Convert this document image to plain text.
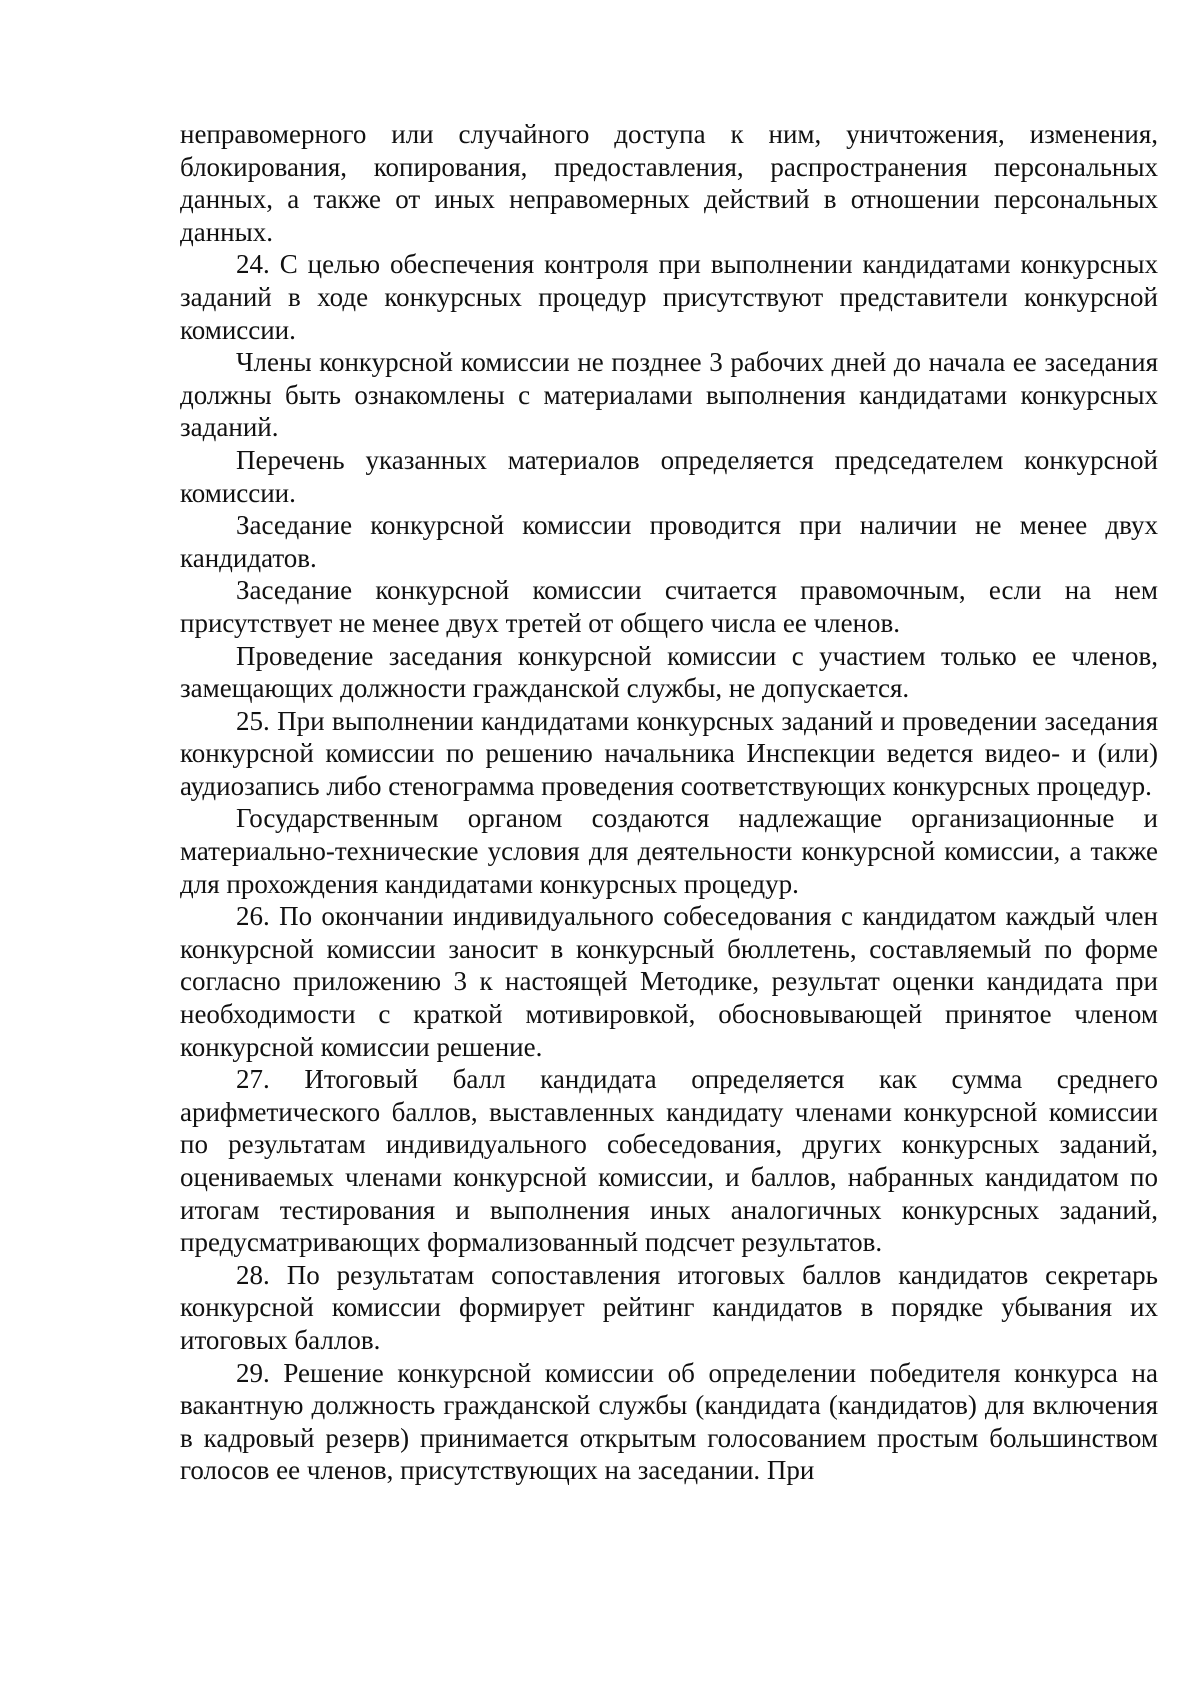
неправомерного или случайного доступа к ним, уничтожения, изменения, блокирования, копирования, предоставления, распространения персональных данных, а также от иных неправомерных действий в отношении персональных данных.

24. С целью обеспечения контроля при выполнении кандидатами конкурсных заданий в ходе конкурсных процедур присутствуют представители конкурсной комиссии.

Члены конкурсной комиссии не позднее 3 рабочих дней до начала ее заседания должны быть ознакомлены с материалами выполнения кандидатами конкурсных заданий.

Перечень указанных материалов определяется председателем конкурсной комиссии.

Заседание конкурсной комиссии проводится при наличии не менее двух кандидатов.

Заседание конкурсной комиссии считается правомочным, если на нем присутствует не менее двух третей от общего числа ее членов.

Проведение заседания конкурсной комиссии с участием только ее членов, замещающих должности гражданской службы, не допускается.

25. При выполнении кандидатами конкурсных заданий и проведении заседания конкурсной комиссии по решению начальника Инспекции ведется видео- и (или) аудиозапись либо стенограмма проведения соответствующих конкурсных процедур.

Государственным органом создаются надлежащие организационные и материально-технические условия для деятельности конкурсной комиссии, а также для прохождения кандидатами конкурсных процедур.

26. По окончании индивидуального собеседования с кандидатом каждый член конкурсной комиссии заносит в конкурсный бюллетень, составляемый по форме согласно приложению 3 к настоящей Методике, результат оценки кандидата при необходимости с краткой мотивировкой, обосновывающей принятое членом конкурсной комиссии решение.

27. Итоговый балл кандидата определяется как сумма среднего арифметического баллов, выставленных кандидату членами конкурсной комиссии по результатам индивидуального собеседования, других конкурсных заданий, оцениваемых членами конкурсной комиссии, и баллов, набранных кандидатом по итогам тестирования и выполнения иных аналогичных конкурсных заданий, предусматривающих формализованный подсчет результатов.

28. По результатам сопоставления итоговых баллов кандидатов секретарь конкурсной комиссии формирует рейтинг кандидатов в порядке убывания их итоговых баллов.

29. Решение конкурсной комиссии об определении победителя конкурса на вакантную должность гражданской службы (кандидата (кандидатов) для включения в кадровый резерв) принимается открытым голосованием простым большинством голосов ее членов, присутствующих на заседании. При
